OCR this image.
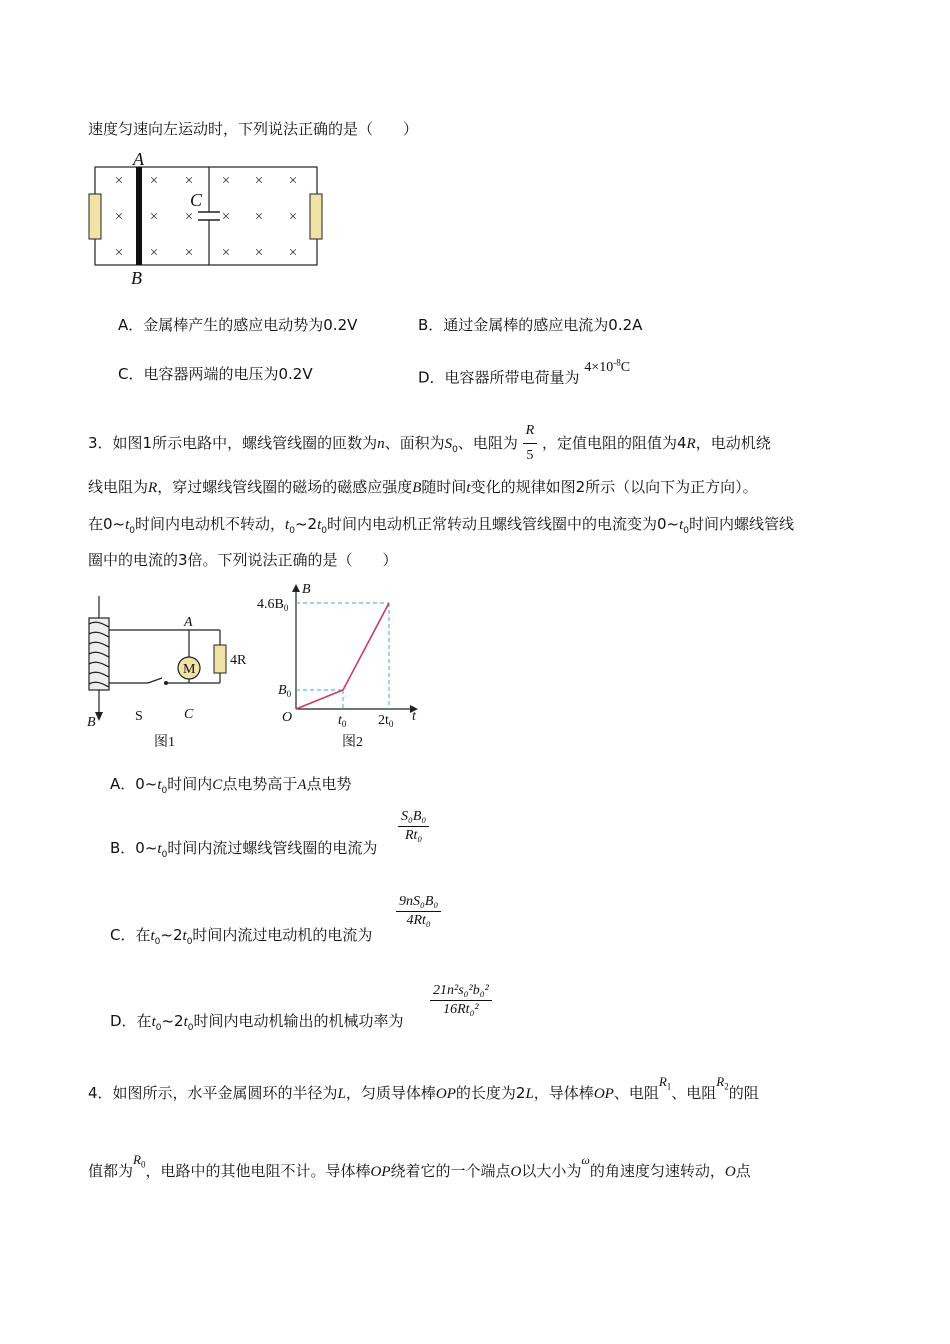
速度匀速向左运动时，下列说法正确的是（　　）
× × × × × ×
× × × × × ×
× × × × × ×
A
B
C
A．金属棒产生的感应电动势为0.2V	B．通过金属棒的感应电流为0.2A
C．电容器两端的电压为0.2V	D．电容器所带电荷量为 $4\times 10^{-8}C$
3．如图1所示电路中，螺线管线圈的匝数为n、面积为$S_0$、电阻为 $\frac{R}{5}$ ，定值电阻的阻值为4R，电动机绕
线电阻为R，穿过螺线管线圈的磁场的磁感应强度B随时间t变化的规律如图2所示（以向下为正方向）。
在$0\sim t_0$时间内电动机不转动，$t_0\sim 2t_0$时间内电动机正常转动且螺线管线圈中的电流变为$0\sim t_0$时间内螺线管线
圈中的电流的3倍。下列说法正确的是（　　）
M
A
4R
B	S	C
图1
B
t
O
$4.6B_0$
$B_0$
$t_0$ $2t_0$
图2
A．$0\sim t_0$时间内C点电势高于A点电势
B．$0\sim t_0$时间内流过螺线管线圈的电流为
$\frac{\text{S₀B₀}}{\text{Rt₀}}$
C．在$t_0\sim 2t_0$时间内流过电动机的电流为
$\frac{\text{9nS₀B₀}}{\text{4Rt₀}}$
D．在$t_0\sim 2t_0$时间内电动机输出的机械功率为
$\frac{\text{21n²s₀²b₀²}}{\text{16Rt₀²}}$
4．如图所示，水平金属圆环的半径为L，匀质导体棒OP的长度为2L，导体棒OP、电阻$R_1$、电阻$R_2$的阻
值都为$R_0$，电路中的其他电阻不计。导体棒OP绕着它的一个端点O以大小为$^\omega$的角速度匀速转动，O点
